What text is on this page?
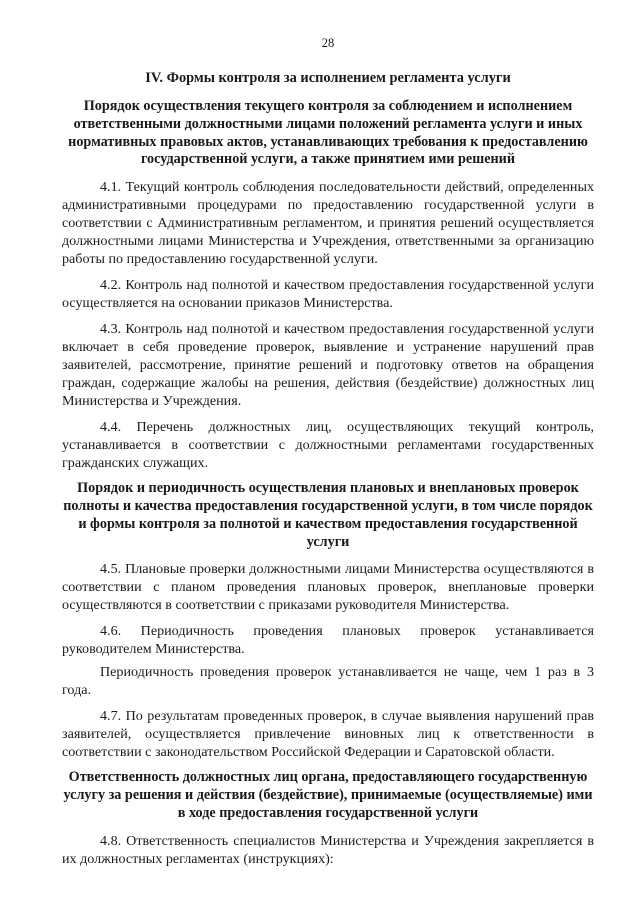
28
IV. Формы контроля за исполнением регламента услуги
Порядок осуществления текущего контроля за соблюдением и исполнением ответственными должностными лицами положений регламента услуги и иных нормативных правовых актов, устанавливающих требования к предоставлению государственной услуги, а также принятием ими решений

4.1. Текущий контроль соблюдения последовательности действий, определенных административными процедурами по предоставлению государственной услуги в соответствии с Административным регламентом, и принятия решений осуществляется должностными лицами Министерства и Учреждения, ответственными за организацию работы по предоставлению государственной услуги.

4.2. Контроль над полнотой и качеством предоставления государственной услуги осуществляется на основании приказов Министерства.

4.3. Контроль над полнотой и качеством предоставления государственной услуги включает в себя проведение проверок, выявление и устранение нарушений прав заявителей, рассмотрение, принятие решений и подготовку ответов на обращения граждан, содержащие жалобы на решения, действия (бездействие) должностных лиц Министерства и Учреждения.

4.4. Перечень должностных лиц, осуществляющих текущий контроль, устанавливается в соответствии с должностными регламентами государственных гражданских служащих.

Порядок и периодичность осуществления плановых и внеплановых проверок полноты и качества предоставления государственной услуги, в том числе порядок и формы контроля за полнотой и качеством предоставления государственной услуги

4.5. Плановые проверки должностными лицами Министерства осуществляются в соответствии с планом проведения плановых проверок, внеплановые проверки осуществляются в соответствии с приказами руководителя Министерства.

4.6. Периодичность проведения плановых проверок устанавливается руководителем Министерства.

Периодичность проведения проверок устанавливается не чаще, чем 1 раз в 3 года.

4.7. По результатам проведенных проверок, в случае выявления нарушений прав заявителей, осуществляется привлечение виновных лиц к ответственности в соответствии с законодательством Российской Федерации и Саратовской области.

Ответственность должностных лиц органа, предоставляющего государственную услугу за решения и действия (бездействие), принимаемые (осуществляемые) ими в ходе предоставления государственной услуги

4.8. Ответственность специалистов Министерства и Учреждения закрепляется в их должностных регламентах (инструкциях):
